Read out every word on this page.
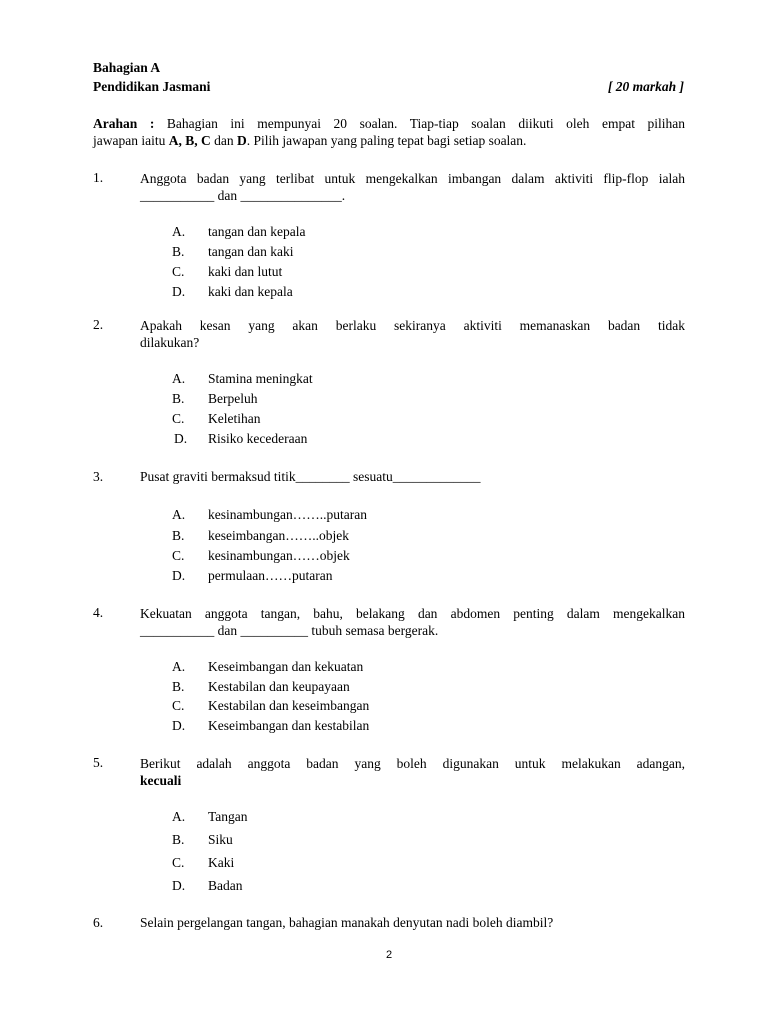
Bahagian A
Pendidikan Jasmani	[ 20 markah ]
Arahan : Bahagian ini mempunyai 20 soalan. Tiap-tiap soalan diikuti oleh empat pilihan
jawapan iaitu A, B, C dan D. Pilih jawapan yang paling tepat bagi setiap soalan.
1.	Anggota badan yang terlibat untuk mengekalkan imbangan dalam aktiviti flip-flop ialah
___________ dan _______________.
A. tangan dan kepala
B. tangan dan kaki
C. kaki dan lutut
D. kaki dan kepala
2.	Apakah kesan yang akan berlaku sekiranya aktiviti memanaskan badan tidak
dilakukan?
A. Stamina meningkat
B. Berpeluh
C. Keletihan
D. Risiko kecederaan
3.	Pusat graviti bermaksud titik________ sesuatu_____________
A. kesinambungan……..putaran
B. keseimbangan……..objek
C. kesinambungan……objek
D. permulaan……putaran
4.	Kekuatan anggota tangan, bahu, belakang dan abdomen penting dalam mengekalkan
___________ dan __________ tubuh semasa bergerak.
A. Keseimbangan dan kekuatan
B. Kestabilan dan keupayaan
C. Kestabilan dan keseimbangan
D. Keseimbangan dan kestabilan
5.	Berikut adalah anggota badan yang boleh digunakan untuk melakukan adangan,
kecuali
A. Tangan
B. Siku
C. Kaki
D. Badan
6.	Selain pergelangan tangan, bahagian manakah denyutan nadi boleh diambil?
2
